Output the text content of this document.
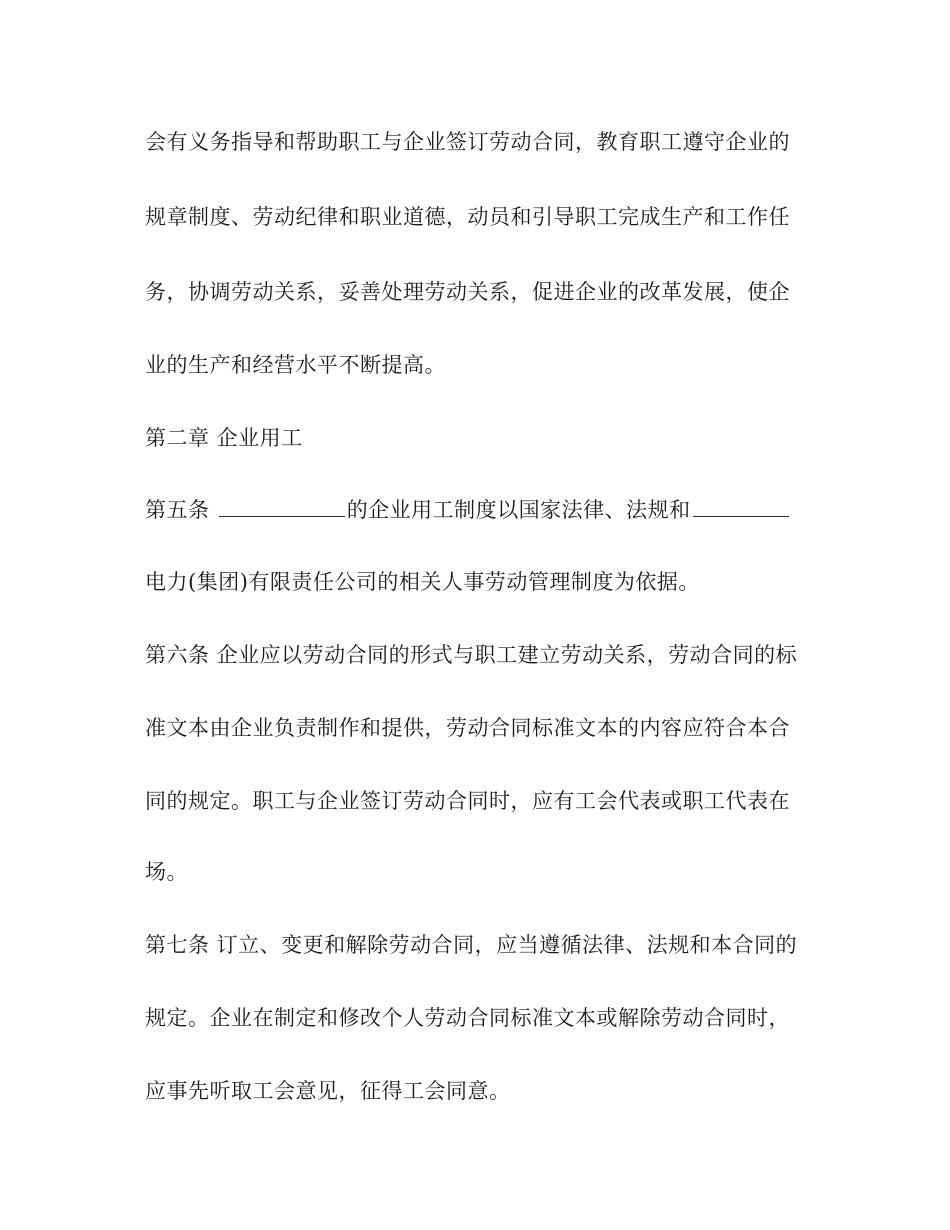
会有义务指导和帮助职工与企业签订劳动合同，教育职工遵守企业的
规章制度、劳动纪律和职业道德，动员和引导职工完成生产和工作任
务，协调劳动关系，妥善处理劳动关系，促进企业的改革发展，使企
业的生产和经营水平不断提高。
第二章 企业用工
第五条	的企业用工制度以国家法律、法规和
电力(集团)有限责任公司的相关人事劳动管理制度为依据。
第六条 企业应以劳动合同的形式与职工建立劳动关系，劳动合同的标
准文本由企业负责制作和提供，劳动合同标准文本的内容应符合本合
同的规定。职工与企业签订劳动合同时，应有工会代表或职工代表在
场。
第七条 订立、变更和解除劳动合同，应当遵循法律、法规和本合同的
规定。企业在制定和修改个人劳动合同标准文本或解除劳动合同时，
应事先听取工会意见，征得工会同意。
